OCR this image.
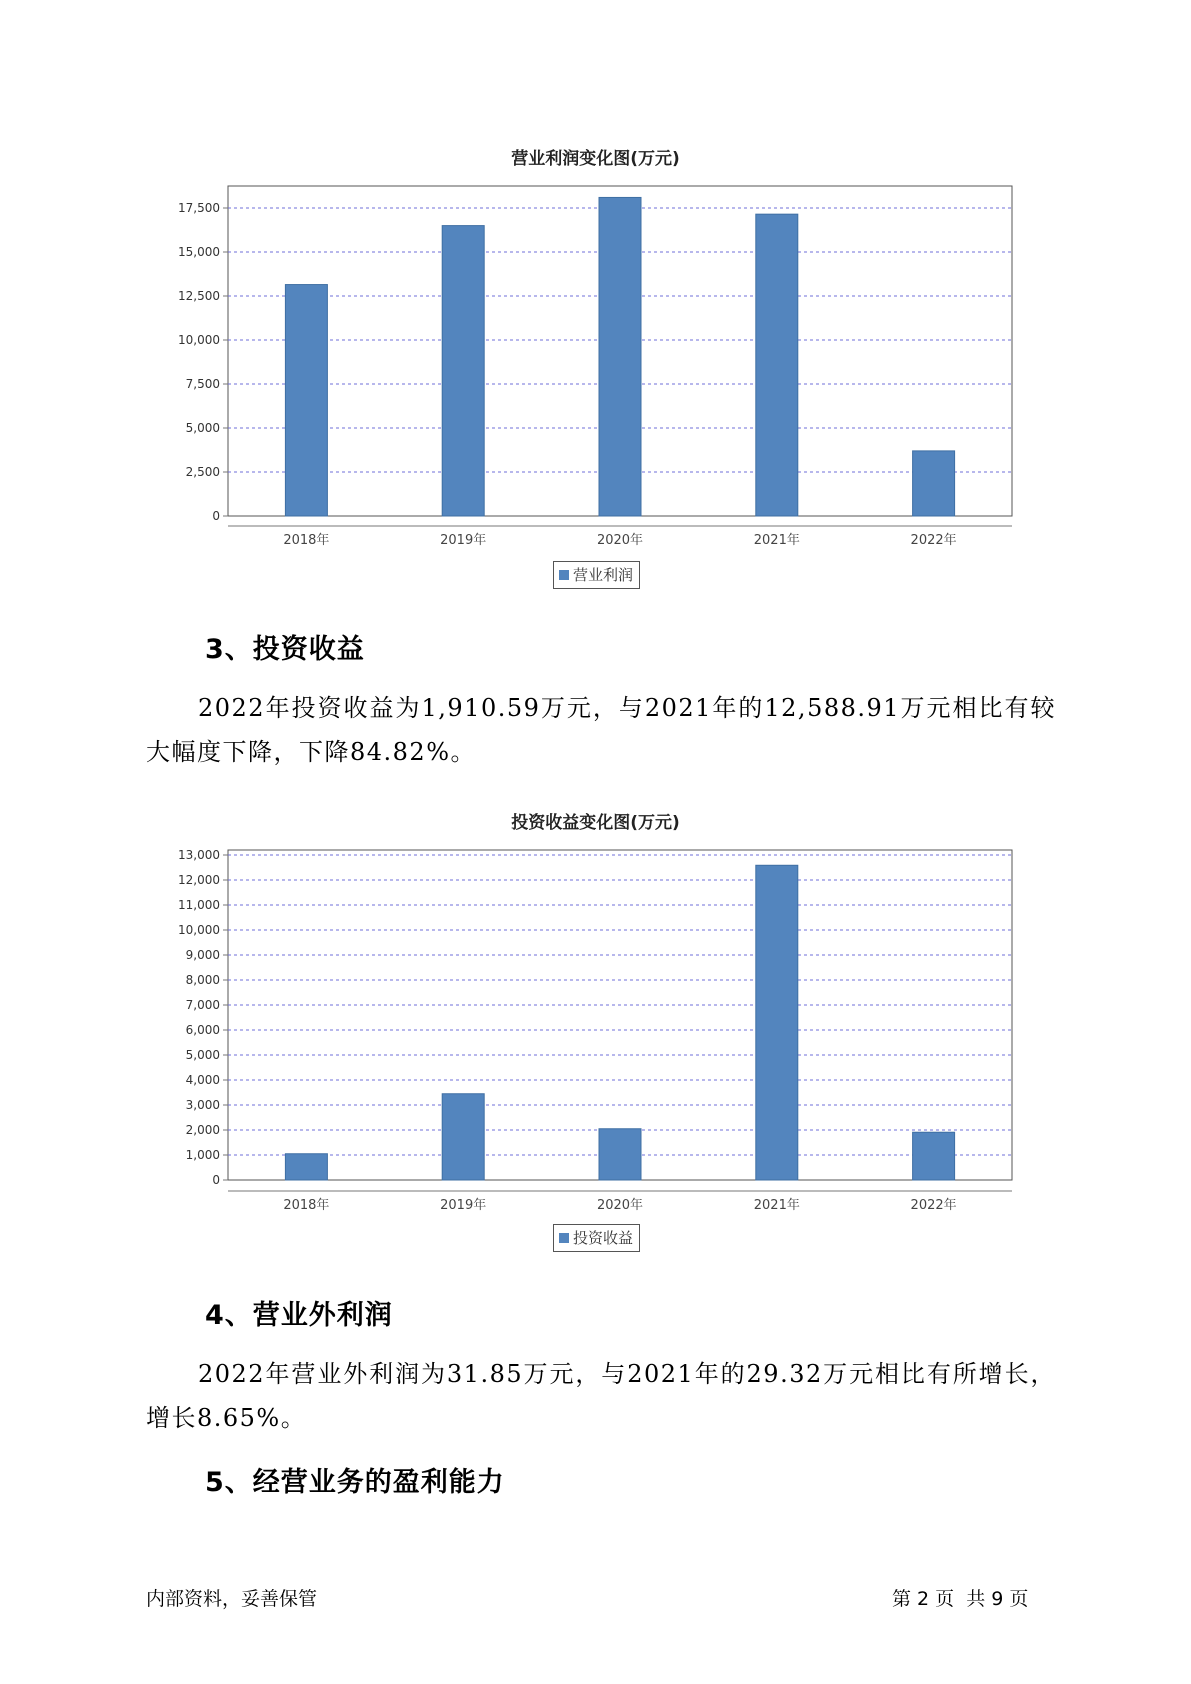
营业利润变化图(万元)
0
2,500
5,000
7,500
10,000
12,500
15,000
17,500
2018年	2019年	2020年	2021年	2022年
营业利润
3、投资收益

2022年投资收益为1,910.59万元，与2021年的12,588.91万元相比有较大幅度下降，下降84.82%。

投资收益变化图(万元)
0
1,000
2,000
3,000
4,000
5,000
6,000
7,000
8,000
9,000
10,000
11,000
12,000
13,000
2018年	2019年	2020年	2021年	2022年
投资收益
4、营业外利润

2022年营业外利润为31.85万元，与2021年的29.32万元相比有所增长，增长8.65%。

5、经营业务的盈利能力
内部资料，妥善保管	第 2 页  共 9 页
